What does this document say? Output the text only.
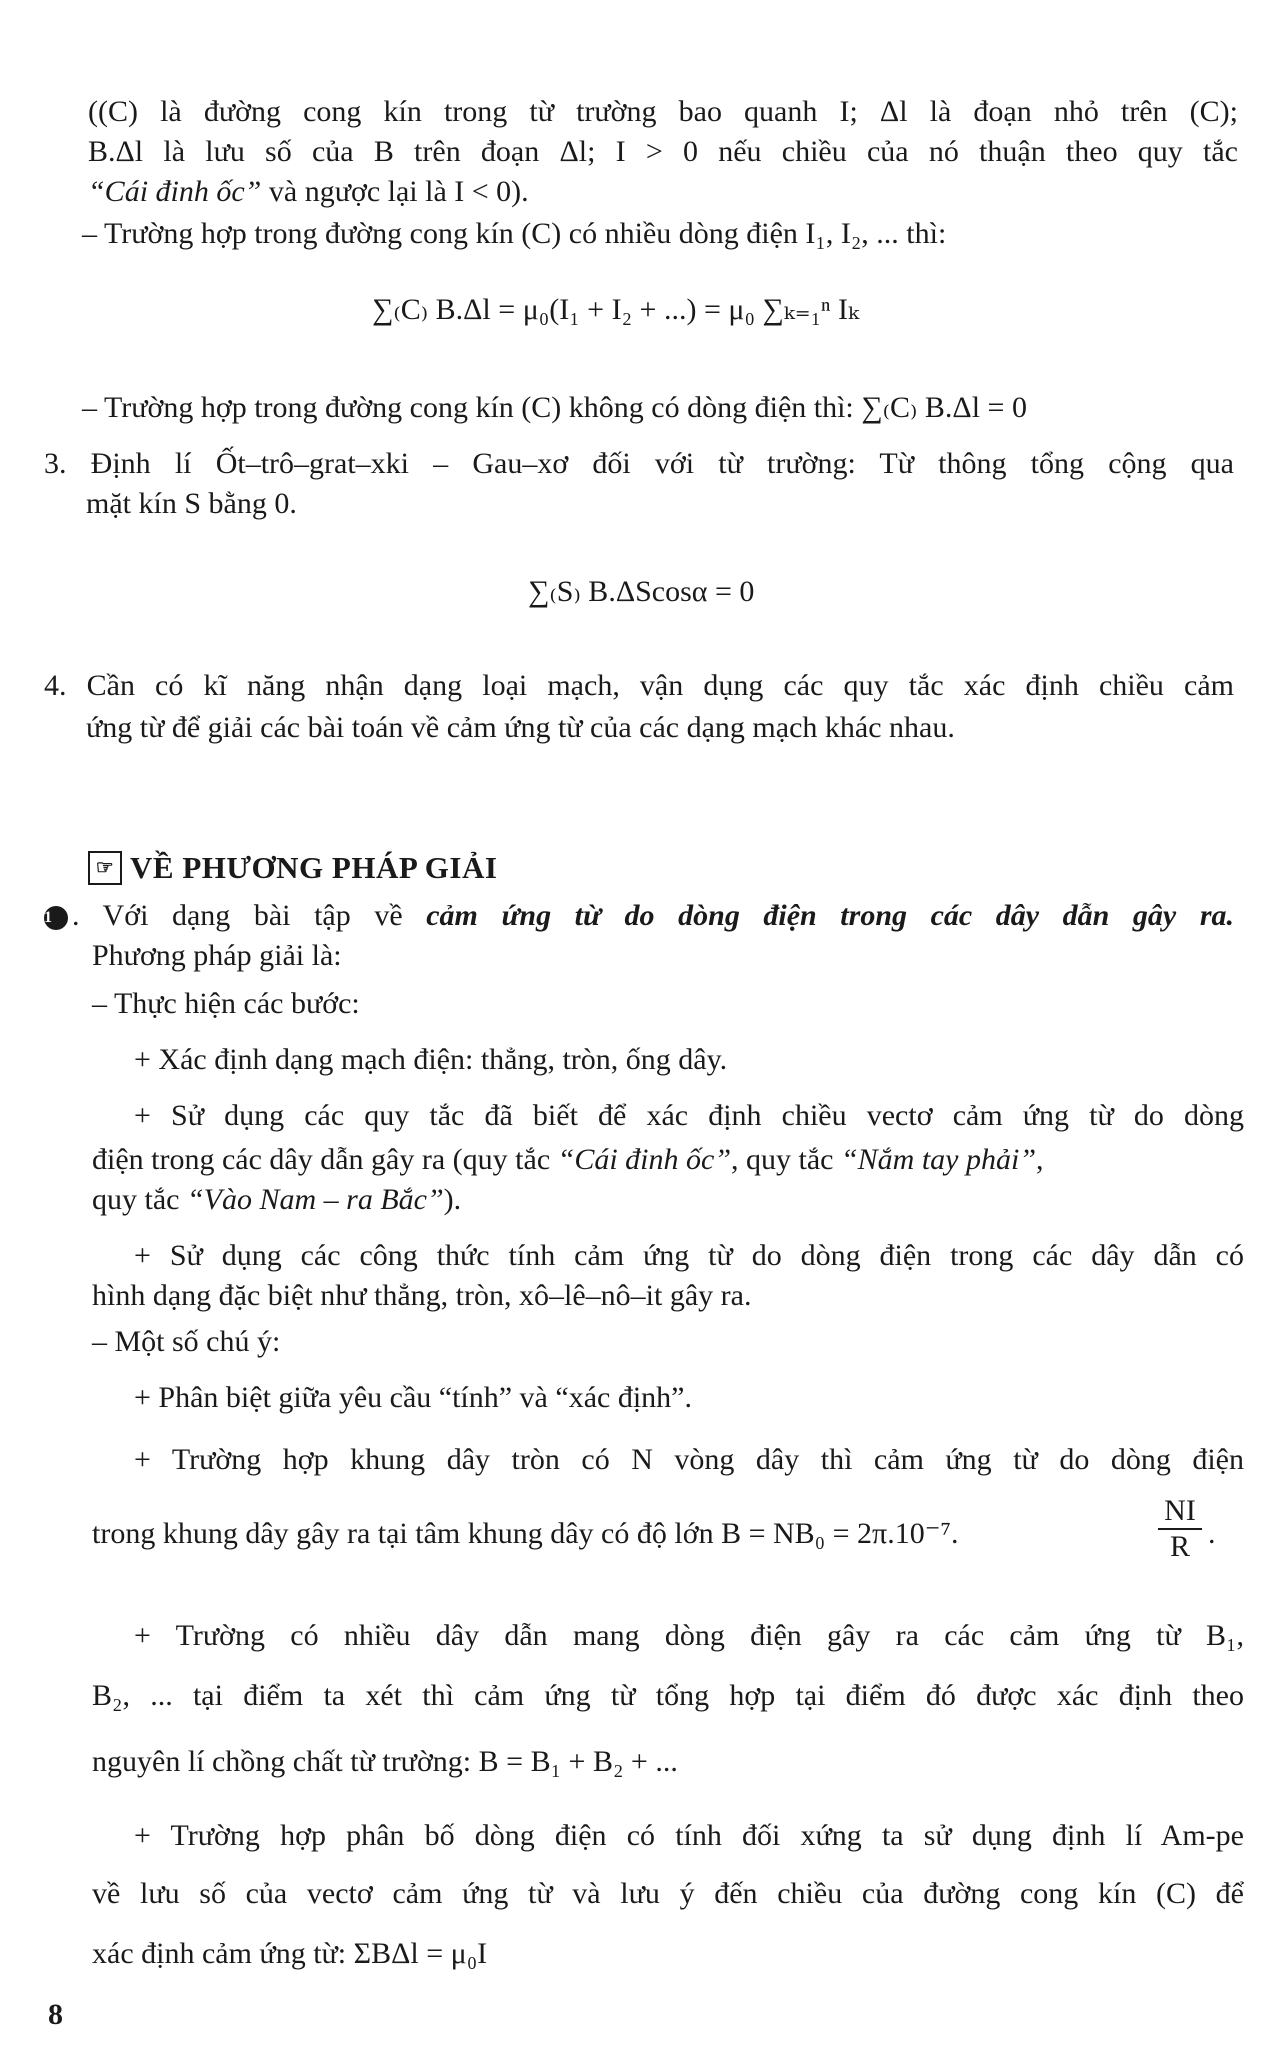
((C) là đường cong kín trong từ trường bao quanh I; Δl là đoạn nhỏ trên (C);
B.Δl là lưu số của B trên đoạn Δl; I > 0 nếu chiều của nó thuận theo quy tắc
“Cái đinh ốc” và ngược lại là I < 0).
– Trường hợp trong đường cong kín (C) có nhiều dòng điện I₁, I₂, ... thì:
∑₍C₎ B.Δl = μ₀(I₁ + I₂ + ...) = μ₀ ∑ₖ₌₁ⁿ Iₖ
– Trường hợp trong đường cong kín (C) không có dòng điện thì: ∑₍C₎ B.Δl = 0
3. Định lí Ốt–trô–grat–xki – Gau–xơ đối với từ trường: Từ thông tổng cộng qua
mặt kín S bằng 0.
∑₍S₎ B.ΔScosα = 0
4. Cần có kĩ năng nhận dạng loại mạch, vận dụng các quy tắc xác định chiều cảm
ứng từ để giải các bài toán về cảm ứng từ của các dạng mạch khác nhau.
☞ VỀ PHƯƠNG PHÁP GIẢI
1 . Với dạng bài tập về cảm ứng từ do dòng điện trong các dây dẫn gây ra.
Phương pháp giải là:
– Thực hiện các bước:
+ Xác định dạng mạch điện: thẳng, tròn, ống dây.
+ Sử dụng các quy tắc đã biết để xác định chiều vectơ cảm ứng từ do dòng
điện trong các dây dẫn gây ra (quy tắc “Cái đinh ốc”, quy tắc “Nắm tay phải”,
quy tắc “Vào Nam – ra Bắc”).
+ Sử dụng các công thức tính cảm ứng từ do dòng điện trong các dây dẫn có
hình dạng đặc biệt như thẳng, tròn, xô–lê–nô–it gây ra.
– Một số chú ý:
+ Phân biệt giữa yêu cầu “tính” và “xác định”.
+ Trường hợp khung dây tròn có N vòng dây thì cảm ứng từ do dòng điện
trong khung dây gây ra tại tâm khung dây có độ lớn B = NB₀ = 2π.10⁻⁷.	$\frac{NI}{R}$ .
+ Trường có nhiều dây dẫn mang dòng điện gây ra các cảm ứng từ B₁,
B₂, ... tại điểm ta xét thì cảm ứng từ tổng hợp tại điểm đó được xác định theo
nguyên lí chồng chất từ trường: B = B₁ + B₂ + ...
+ Trường hợp phân bố dòng điện có tính đối xứng ta sử dụng định lí Am-pe
về lưu số của vectơ cảm ứng từ và lưu ý đến chiều của đường cong kín (C) để
xác định cảm ứng từ: ΣBΔl = μ₀I
8
